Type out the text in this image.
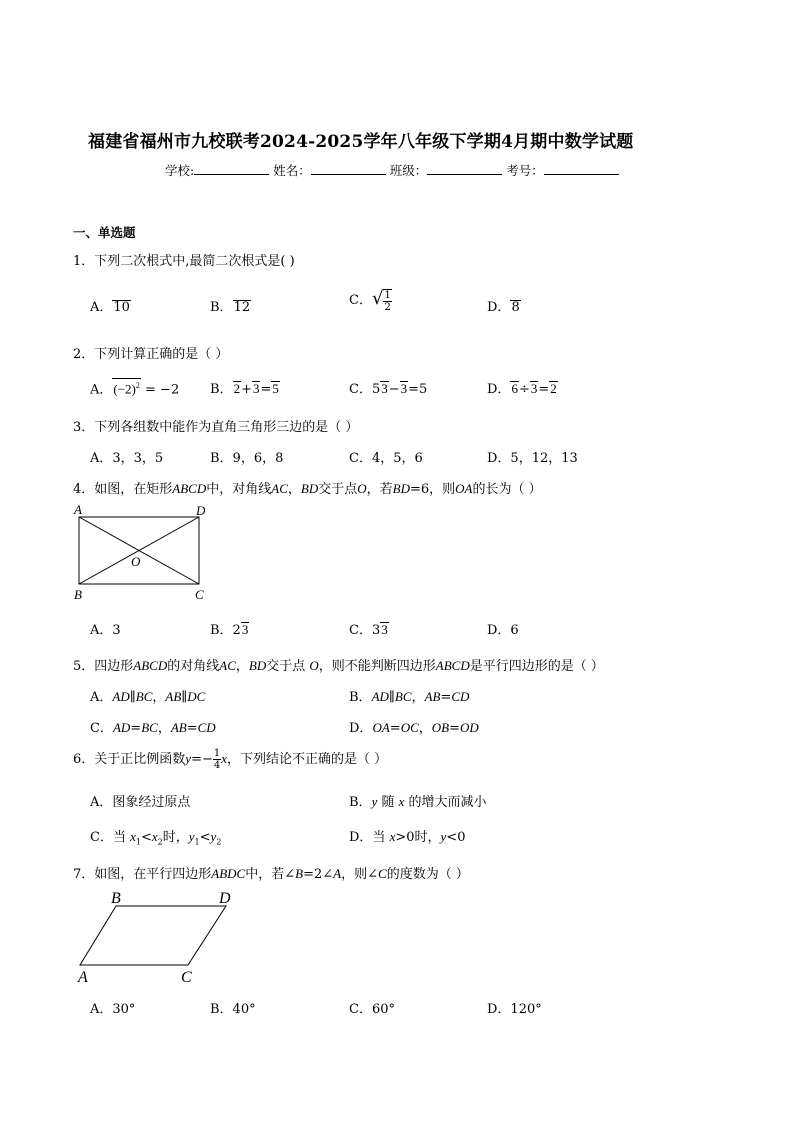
福建省福州市九校联考2024-2025学年八年级下学期4月期中数学试题
学校:	姓名：	班级：	考号：
一、单选题
1．下列二次根式中,最简二次根式是( )
A．10	B．12	C．√ $\frac{1}{2}$	D．8
2．下列计算正确的是（ ）
A．$(-2)^2 = -2$ B．2+3=5	C．53−3=5	D．6÷3=2
3．下列各组数中能作为直角三角形三边的是（ ）
A．3，3，5	B．9，6，8	C．4，5，6	D．5，12，13
4．如图，在矩形ABCD中，对角线AC，BD交于点O，若BD=6，则OA的长为（ ）
A	D
O
B	C
A．3	B．23	C．33	D．6
5．四边形ABCD的对角线AC，BD交于点 O，则不能判断四边形ABCD是平行四边形的是（ ）
A．AD∥BC，AB∥DC	B．AD∥BC，AB=CD
C．AD=BC，AB=CD	D．OA=OC，OB=OD
6．关于正比例函数$y=- \frac{1}{4}$ x，下列结论不正确的是（ ）
A．图象经过原点	B．y 随 x 的增大而减小
C．当 $x_1<x_2$时，$y_1<y_2$	D．当 x>0时，y<0
7．如图，在平行四边形ABDC中，若∠B=2∠A，则∠C的度数为（ ）
B	D
A	C
A．30°	B．40°	C．60°	D．120°
